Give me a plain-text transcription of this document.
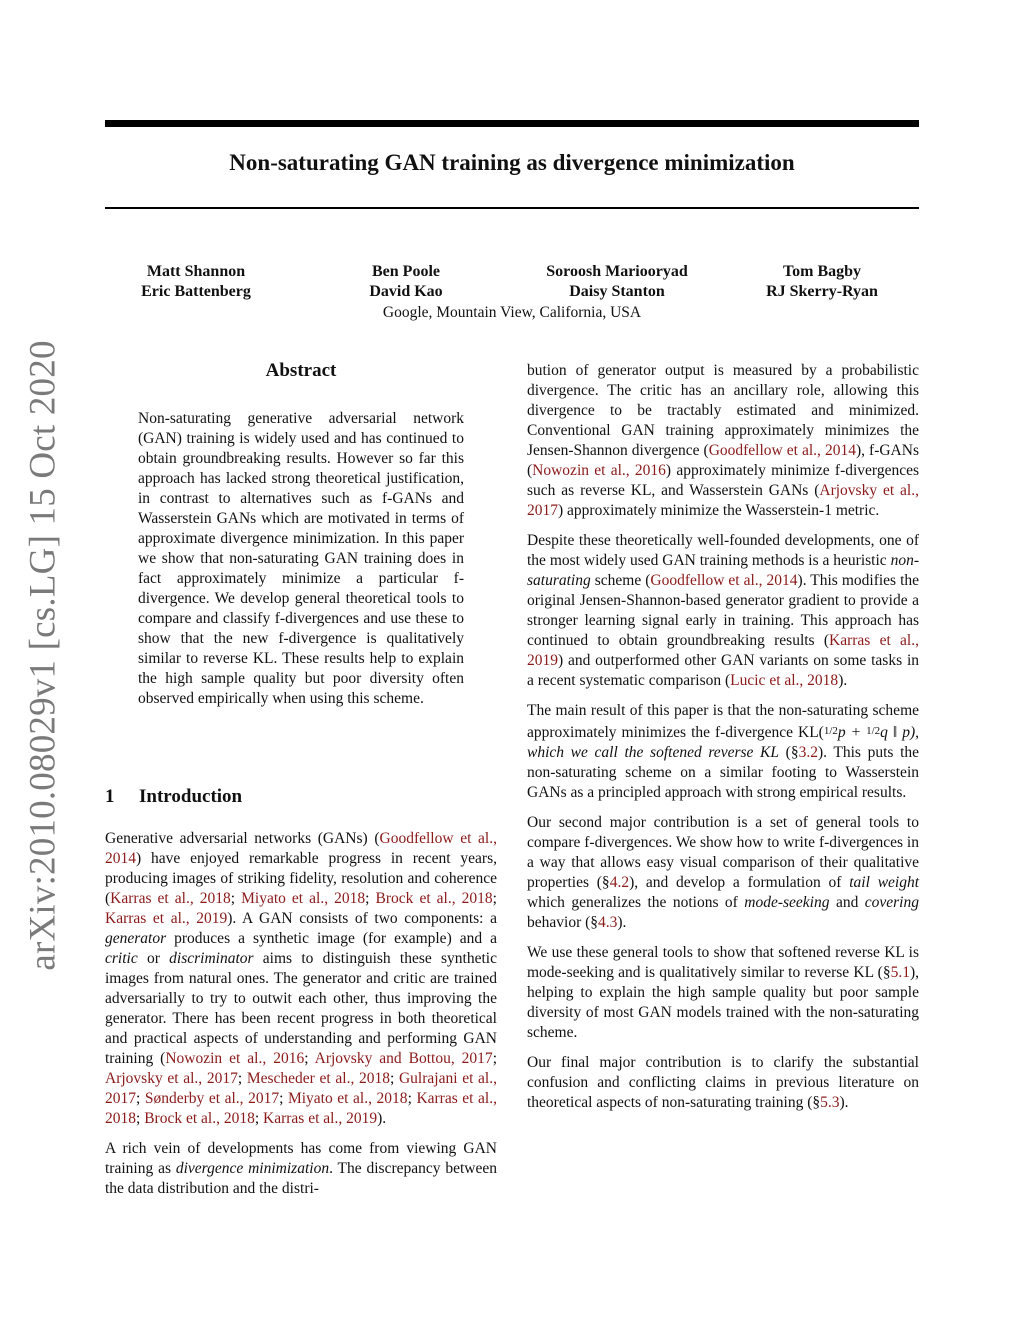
arXiv:2010.08029v1 [cs.LG] 15 Oct 2020
Non-saturating GAN training as divergence minimization
Matt Shannon	Ben Poole	Soroosh Mariooryad	Tom Bagby
Eric Battenberg	David Kao	Daisy Stanton	RJ Skerry-Ryan
Google, Mountain View, California, USA
Abstract

Non-saturating generative adversarial network (GAN) training is widely used and has continued to obtain groundbreaking results. However so far this approach has lacked strong theoretical justification, in contrast to alternatives such as f-GANs and Wasserstein GANs which are motivated in terms of approximate divergence minimization. In this paper we show that non-saturating GAN training does in fact approximately minimize a particular f-divergence. We develop general theoretical tools to compare and classify f-divergences and use these to show that the new f-divergence is qualitatively similar to reverse KL. These results help to explain the high sample quality but poor diversity often observed empirically when using this scheme.

1 Introduction

Generative adversarial networks (GANs) (Goodfellow et al., 2014) have enjoyed remarkable progress in recent years, producing images of striking fidelity, resolution and coherence (Karras et al., 2018; Miyato et al., 2018; Brock et al., 2018; Karras et al., 2019). A GAN consists of two components: a generator produces a synthetic image (for example) and a critic or discriminator aims to distinguish these synthetic images from natural ones. The generator and critic are trained adversarially to try to outwit each other, thus improving the generator. There has been recent progress in both theoretical and practical aspects of understanding and performing GAN training (Nowozin et al., 2016; Arjovsky and Bottou, 2017; Arjovsky et al., 2017; Mescheder et al., 2018; Gulrajani et al., 2017; Sønderby et al., 2017; Miyato et al., 2018; Karras et al., 2018; Brock et al., 2018; Karras et al., 2019).

A rich vein of developments has come from viewing GAN training as divergence minimization. The discrepancy between the data distribution and the distri-

bution of generator output is measured by a probabilistic divergence. The critic has an ancillary role, allowing this divergence to be tractably estimated and minimized. Conventional GAN training approximately minimizes the Jensen-Shannon divergence (Goodfellow et al., 2014), f-GANs (Nowozin et al., 2016) approximately minimize f-divergences such as reverse KL, and Wasserstein GANs (Arjovsky et al., 2017) approximately minimize the Wasserstein-1 metric.

Despite these theoretically well-founded developments, one of the most widely used GAN training methods is a heuristic non-saturating scheme (Goodfellow et al., 2014). This modifies the original Jensen-Shannon-based generator gradient to provide a stronger learning signal early in training. This approach has continued to obtain groundbreaking results (Karras et al., 2019) and outperformed other GAN variants on some tasks in a recent systematic comparison (Lucic et al., 2018).

The main result of this paper is that the non-saturating scheme approximately minimizes the f-divergence KL(1/2p + 1/2q ‖ p), which we call the softened reverse KL (§3.2). This puts the non-saturating scheme on a similar footing to Wasserstein GANs as a principled approach with strong empirical results.

Our second major contribution is a set of general tools to compare f-divergences. We show how to write f-divergences in a way that allows easy visual comparison of their qualitative properties (§4.2), and develop a formulation of tail weight which generalizes the notions of mode-seeking and covering behavior (§4.3).

We use these general tools to show that softened reverse KL is mode-seeking and is qualitatively similar to reverse KL (§5.1), helping to explain the high sample quality but poor sample diversity of most GAN models trained with the non-saturating scheme.

Our final major contribution is to clarify the substantial confusion and conflicting claims in previous literature on theoretical aspects of non-saturating training (§5.3).
